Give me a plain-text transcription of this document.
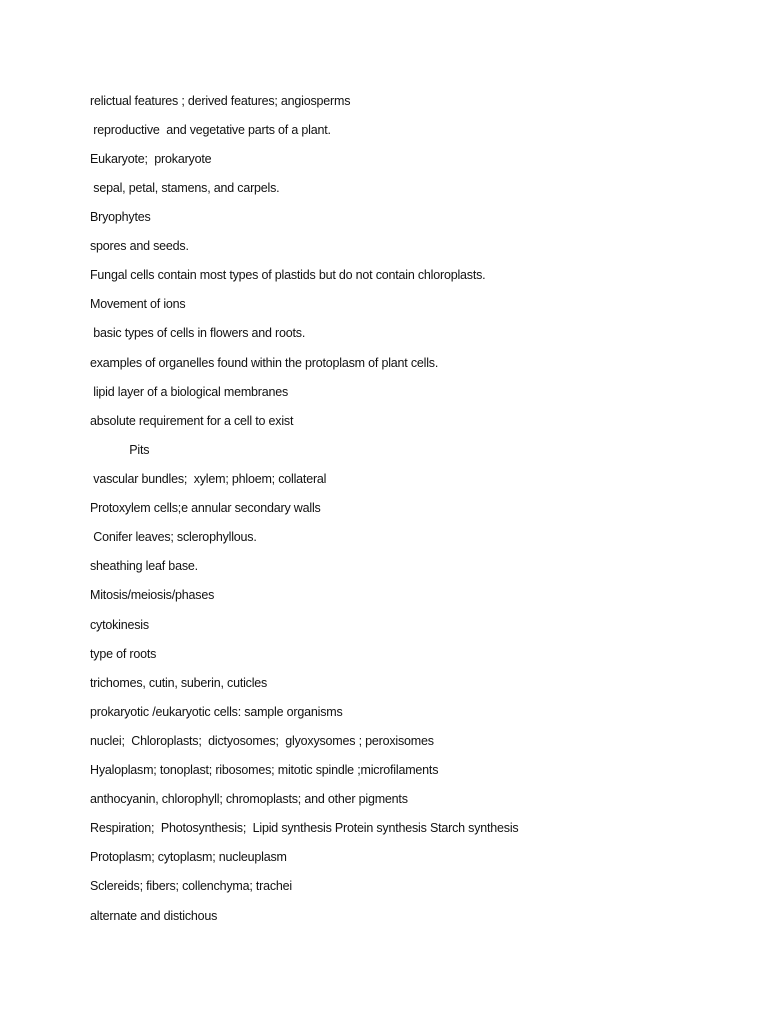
relictual features ; derived features; angiosperms
reproductive  and vegetative parts of a plant.
Eukaryote;  prokaryote
sepal, petal, stamens, and carpels.
Bryophytes
spores and seeds.
Fungal cells contain most types of plastids but do not contain chloroplasts.
Movement of ions
basic types of cells in flowers and roots.
examples of organelles found within the protoplasm of plant cells.
lipid layer of a biological membranes
absolute requirement for a cell to exist
Pits
vascular bundles;  xylem; phloem; collateral
Protoxylem cells;e annular secondary walls
Conifer leaves; sclerophyllous.
sheathing leaf base.
Mitosis/meiosis/phases
cytokinesis
type of roots
trichomes, cutin, suberin, cuticles
prokaryotic /eukaryotic cells: sample organisms
nuclei;  Chloroplasts;  dictyosomes;  glyoxysomes ; peroxisomes
Hyaloplasm; tonoplast; ribosomes; mitotic spindle ;microfilaments
anthocyanin, chlorophyll; chromoplasts; and other pigments
Respiration;  Photosynthesis;  Lipid synthesis Protein synthesis Starch synthesis
Protoplasm; cytoplasm; nucleuplasm
Sclereids; fibers; collenchyma; trachei
alternate and distichous
